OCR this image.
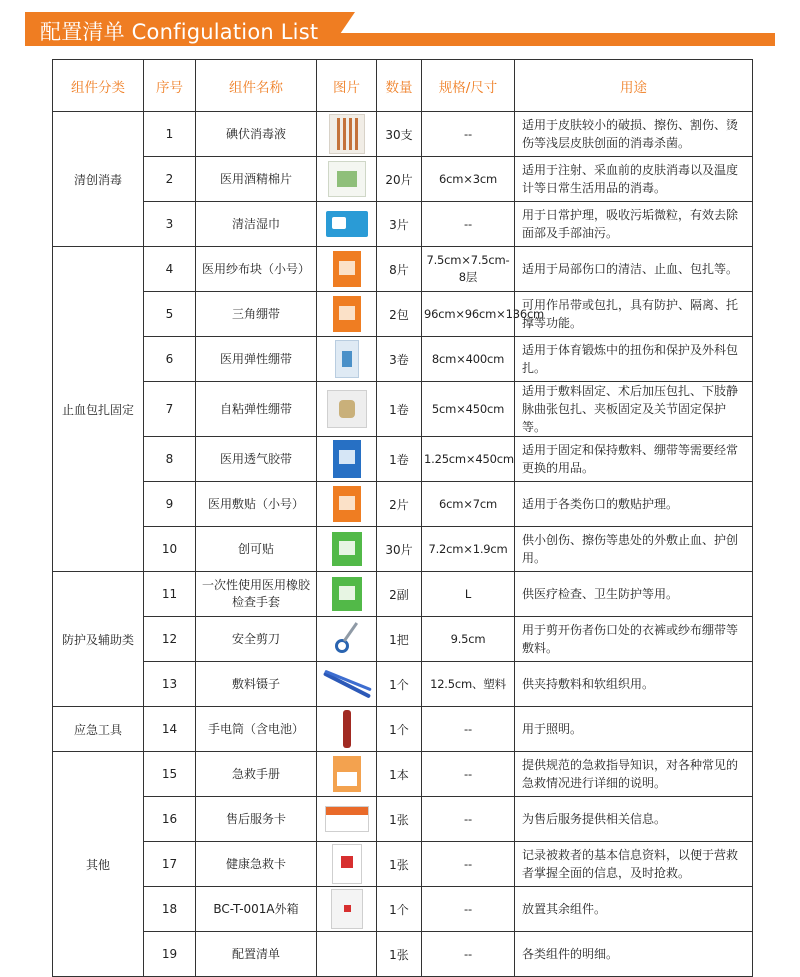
配置清单 Configulation List
组件分类	序号	组件名称	图片	数量	规格/尺寸	用途
清创消毒	1	碘伏消毒液		30支	--	适用于皮肤较小的破损、擦伤、割伤、烫伤等浅层皮肤创面的消毒杀菌。
	2	医用酒精棉片		20片	6cm×3cm	适用于注射、采血前的皮肤消毒以及温度计等日常生活用品的消毒。
	3	清洁湿巾		3片	--	用于日常护理，吸收污垢微粒，有效去除面部及手部油污。
止血包扎固定	4	医用纱布块（小号）		8片	7.5cm×7.5cm-8层	适用于局部伤口的清洁、止血、包扎等。
	5	三角绷带		2包	96cm×96cm×136cm	可用作吊带或包扎，具有防护、隔离、托撑等功能。
	6	医用弹性绷带		3卷	8cm×400cm	适用于体育锻炼中的扭伤和保护及外科包扎。
	7	自粘弹性绷带		1卷	5cm×450cm	适用于敷料固定、术后加压包扎、下肢静脉曲张包扎、夹板固定及关节固定保护等。
	8	医用透气胶带		1卷	1.25cm×450cm	适用于固定和保持敷料、绷带等需要经常更换的用品。
	9	医用敷贴（小号）		2片	6cm×7cm	适用于各类伤口的敷贴护理。
	10	创可贴		30片	7.2cm×1.9cm	供小创伤、擦伤等患处的外敷止血、护创用。
防护及辅助类	11	一次性使用医用橡胶检查手套		2副	L	供医疗检查、卫生防护等用。
	12	安全剪刀		1把	9.5cm	用于剪开伤者伤口处的衣裤或纱布绷带等敷料。
	13	敷料镊子		1个	12.5cm、塑料	供夹持敷料和软组织用。
应急工具	14	手电筒（含电池）		1个	--	用于照明。
其他	15	急救手册		1本	--	提供规范的急救指导知识，对各种常见的急救情况进行详细的说明。
	16	售后服务卡		1张	--	为售后服务提供相关信息。
	17	健康急救卡		1张	--	记录被救者的基本信息资料，以便于营救者掌握全面的信息，及时抢救。
	18	BC-T-001A外箱		1个	--	放置其余组件。
	19	配置清单		1张	--	各类组件的明细。
